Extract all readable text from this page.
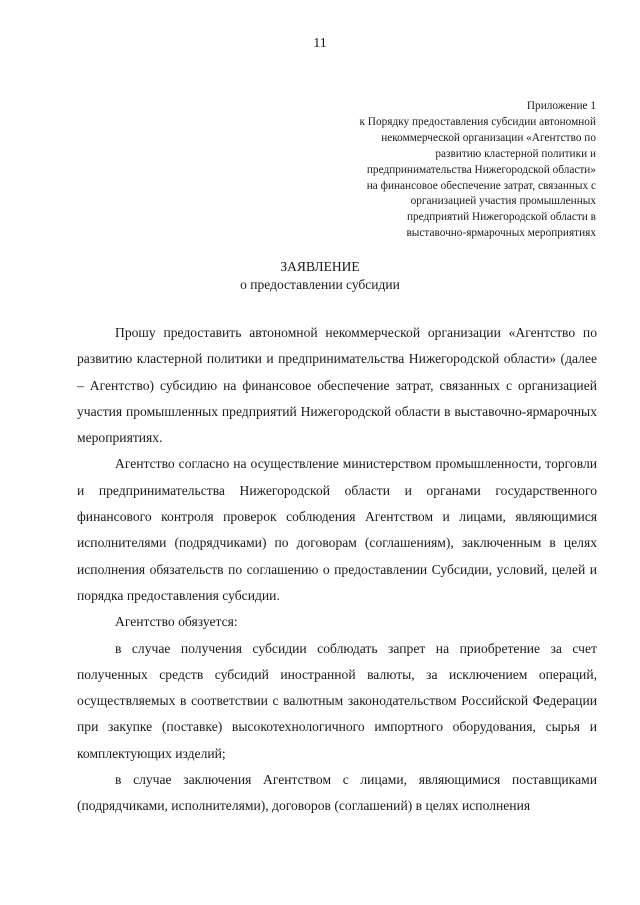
11
Приложение 1
к Порядку предоставления субсидии автономной
некоммерческой организации «Агентство по
развитию кластерной политики и
предпринимательства Нижегородской области»
на финансовое обеспечение затрат, связанных с
организацией участия промышленных
предприятий Нижегородской области в
выставочно-ярмарочных мероприятиях
ЗАЯВЛЕНИЕ
о предоставлении субсидии

Прошу предоставить автономной некоммерческой организации «Агентство по развитию кластерной политики и предпринимательства Нижегородской области» (далее – Агентство) субсидию на финансовое обеспечение затрат, связанных с организацией участия промышленных предприятий Нижегородской области в выставочно-ярмарочных мероприятиях.

Агентство согласно на осуществление министерством промышленности, торговли и предпринимательства Нижегородской области и органами государственного финансового контроля проверок соблюдения Агентством и лицами, являющимися исполнителями (подрядчиками) по договорам (соглашениям), заключенным в целях исполнения обязательств по соглашению о предоставлении Субсидии, условий, целей и порядка предоставления субсидии.

Агентство обязуется:

в случае получения субсидии соблюдать запрет на приобретение за счет полученных средств субсидий иностранной валюты, за исключением операций, осуществляемых в соответствии с валютным законодательством Российской Федерации при закупке (поставке) высокотехнологичного импортного оборудования, сырья и комплектующих изделий;

в случае заключения Агентством с лицами, являющимися поставщиками (подрядчиками, исполнителями), договоров (соглашений) в целях исполнения
